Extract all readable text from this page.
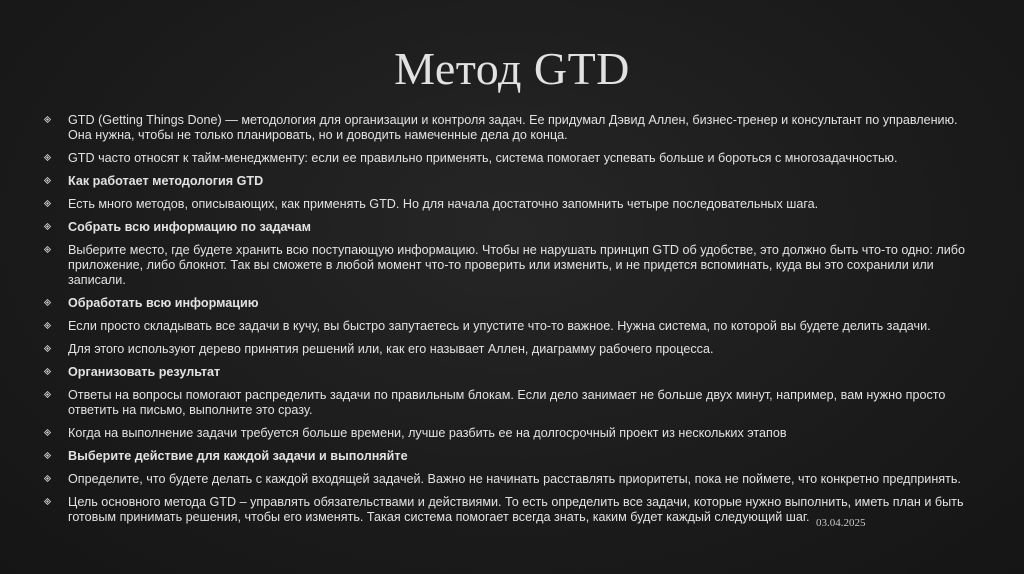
Метод GTD
GTD (Getting Things Done) — методология для организации и контроля задач. Ее придумал Дэвид Аллен, бизнес-тренер и консультант по управлению. Она нужна, чтобы не только планировать, но и доводить намеченные дела до конца.
GTD часто относят к тайм-менеджменту: если ее правильно применять, система помогает успевать больше и бороться с многозадачностью.
Как работает методология GTD
Есть много методов, описывающих, как применять GTD. Но для начала достаточно запомнить четыре последовательных шага.
Собрать всю информацию по задачам
Выберите место, где будете хранить всю поступающую информацию. Чтобы не нарушать принцип GTD об удобстве, это должно быть что-то одно: либо приложение, либо блокнот. Так вы сможете в любой момент что-то проверить или изменить, и не придется вспоминать, куда вы это сохранили или записали.
Обработать всю информацию
Если просто складывать все задачи в кучу, вы быстро запутаетесь и упустите что-то важное. Нужна система, по которой вы будете делить задачи.
Для этого используют дерево принятия решений или, как его называет Аллен, диаграмму рабочего процесса.
Организовать результат
Ответы на вопросы помогают распределить задачи по правильным блокам. Если дело занимает не больше двух минут, например, вам нужно просто ответить на письмо, выполните это сразу.
Когда на выполнение задачи требуется больше времени, лучше разбить ее на долгосрочный проект из нескольких этапов
Выберите действие для каждой задачи и выполняйте
Определите, что будете делать с каждой входящей задачей. Важно не начинать расставлять приоритеты, пока не поймете, что конкретно предпринять.
Цель основного метода GTD – управлять обязательствами и действиями. То есть определить все задачи, которые нужно выполнить, иметь план и быть готовым принимать решения, чтобы его изменять. Такая система помогает всегда знать, каким будет каждый следующий шаг. 03.04.2025
